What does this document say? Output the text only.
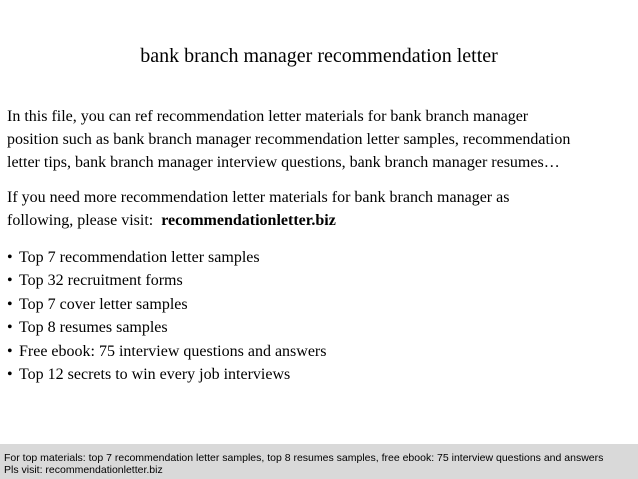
bank branch manager recommendation letter
In this file, you can ref recommendation letter materials for bank branch manager
position such as bank branch manager recommendation letter samples, recommendation
letter tips, bank branch manager interview questions, bank branch manager resumes…
If you need more recommendation letter materials for bank branch manager as
following, please visit:  recommendationletter.biz
• Top 7 recommendation letter samples
• Top 32 recruitment forms
• Top 7 cover letter samples
• Top 8 resumes samples
• Free ebook: 75 interview questions and answers
• Top 12 secrets to win every job interviews
For top materials: top 7 recommendation letter samples, top 8 resumes samples, free ebook: 75 interview questions and answers
Pls visit: recommendationletter.biz
